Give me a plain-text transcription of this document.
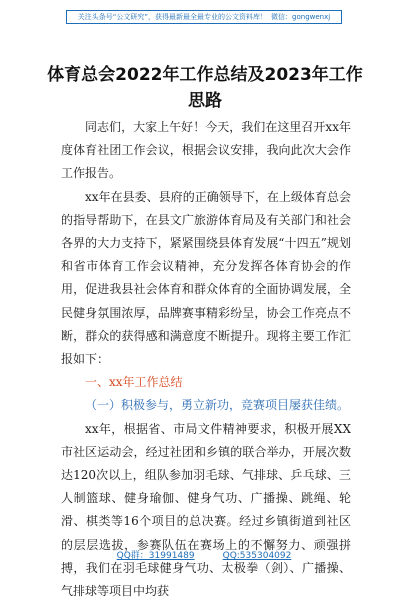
关注头条号“公文研究”，获得最新最全最专业的公文资料库！ 微信：gongwenxj
体育总会2022年工作总结及2023年工作思路

同志们，大家上午好！今天，我们在这里召开xx年度体育社团工作会议，根据会议安排，我向此次大会作工作报告。

xx年在县委、县府的正确领导下，在上级体育总会的指导帮助下，在县文广旅游体育局及有关部门和社会各界的大力支持下，紧紧围绕县体育发展“十四五”规划和省市体育工作会议精神，充分发挥各体育协会的作用，促进我县社会体育和群众体育的全面协调发展，全民健身氛围浓厚，品牌赛事精彩纷呈，协会工作亮点不断，群众的获得感和满意度不断提升。现将主要工作汇报如下：

一、xx年工作总结

（一）积极参与，勇立新功，竞赛项目屡获佳绩。

xx年，根据省、市局文件精神要求，积极开展XX市社区运动会，经过社团和乡镇的联合举办，开展次数达120次以上，组队参加羽毛球、气排球、乒乓球、三人制篮球、健身瑜伽、健身气功、广播操、跳绳、轮滑、棋类等16个项目的总决赛。经过乡镇街道到社区的层层选拔，参赛队伍在赛场上的不懈努力、顽强拼搏，我们在羽毛球健身气功、太极拳（剑）、广播操、气排球等项目中均获

QQ群：31991489	QQ:535304092
